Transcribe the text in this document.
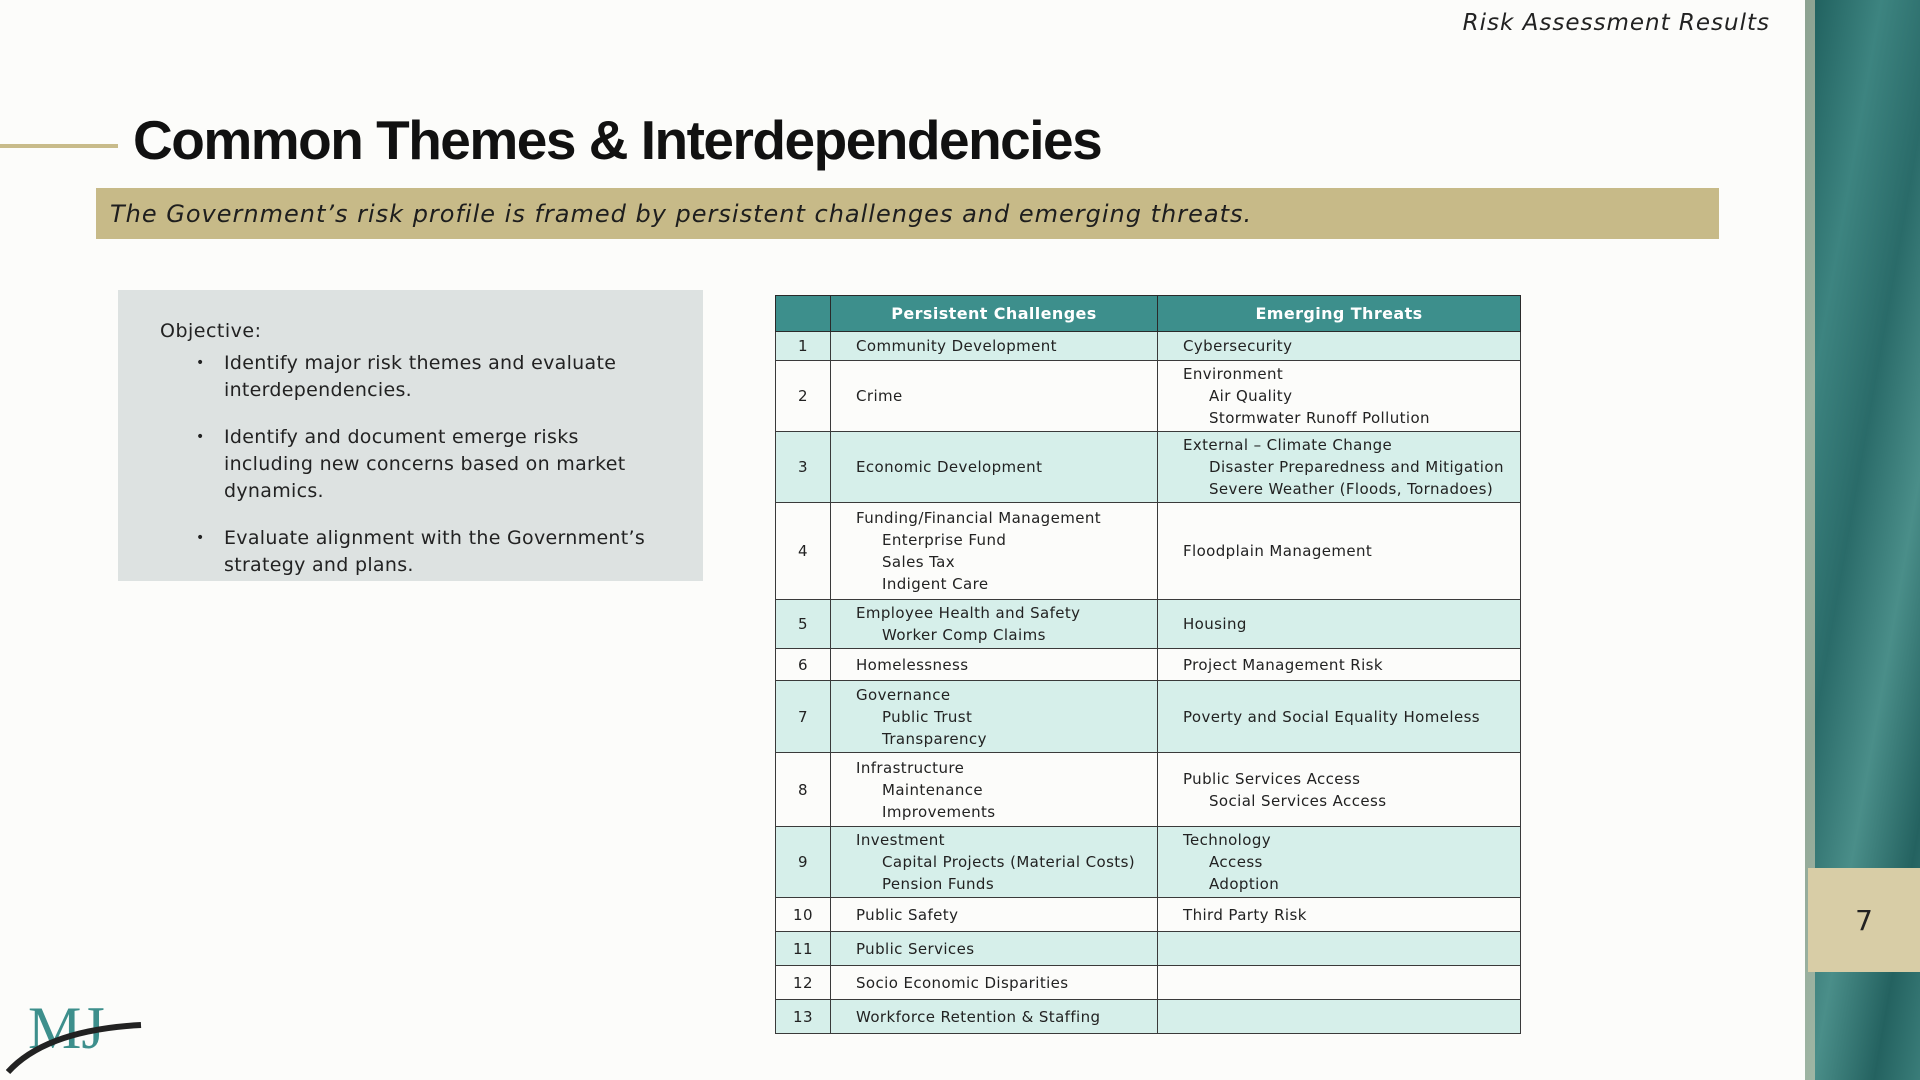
Risk Assessment Results
Common Themes & Interdependencies
The Government’s risk profile is framed by persistent challenges and emerging threats.
Objective:
• Identify major risk themes and evaluate interdependencies.
• Identify and document emerge risks including new concerns based on market dynamics.
• Evaluate alignment with the Government’s strategy and plans.
	Persistent Challenges	Emerging Threats
1	Community Development	Cybersecurity

2	Crime	Environment
Air Quality
Stormwater Runoff Pollution

3	Economic Development	External – Climate Change
Disaster Preparedness and Mitigation
Severe Weather (Floods, Tornadoes)

4	Funding/Financial Management
Enterprise Fund
Sales Tax
Indigent Care	Floodplain Management

5	Employee Health and Safety
Worker Comp Claims	Housing

6	Homelessness	Project Management Risk

7	Governance
Public Trust
Transparency	Poverty and Social Equality Homeless

8	Infrastructure
Maintenance
Improvements	Public Services Access
Social Services Access

9	Investment
Capital Projects (Material Costs)
Pension Funds	Technology
Access
Adoption

10	Public Safety	Third Party Risk

11	Public Services	

12	Socio Economic Disparities	

13	Workforce Retention & Staffing	

7
MJ
